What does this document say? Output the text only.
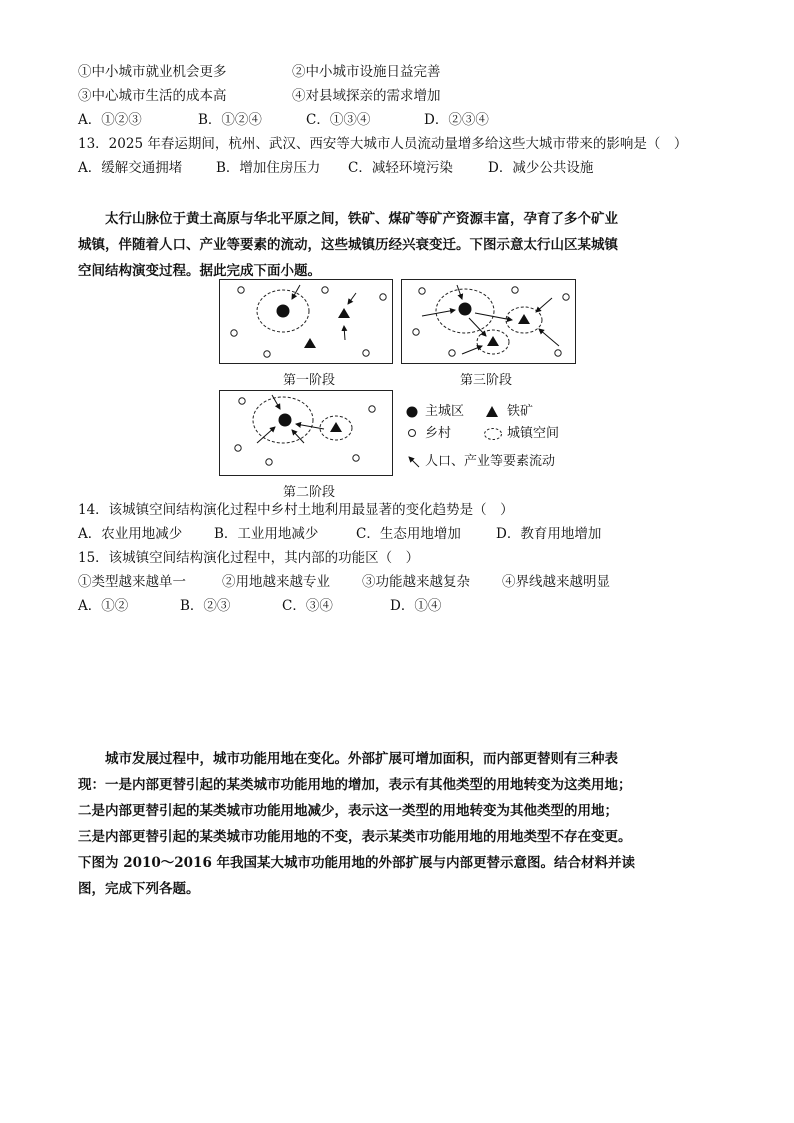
①中小城市就业机会更多	②中小城市设施日益完善
③中心城市生活的成本高	④对县域探亲的需求增加
A．①②③	B．①②④	C．①③④	D．②③④
13．2025 年春运期间，杭州、武汉、西安等大城市人员流动量增多给这些大城市带来的影响是（　）
A．缓解交通拥堵	B．增加住房压力 C．减轻环境污染	D．减少公共设施

太行山脉位于黄土高原与华北平原之间，铁矿、煤矿等矿产资源丰富，孕育了多个矿业

城镇，伴随着人口、产业等要素的流动，这些城镇历经兴衰变迁。下图示意太行山区某城镇

空间结构演变过程。据此完成下面小题。

第一阶段	第三阶段
第二阶段
主城区	铁矿
乡村	城镇空间
人口、产业等要素流动
14．该城镇空间结构演化过程中乡村土地利用最显著的变化趋势是（　）
A．农业用地减少 B．工业用地减少	C．生态用地增加	D．教育用地增加
15．该城镇空间结构演化过程中，其内部的功能区（　）
①类型越来越单一	②用地越来越专业 ③功能越来越复杂 ④界线越来越明显
A．①②	B．②③	C．③④	D．①④

城市发展过程中，城市功能用地在变化。外部扩展可增加面积，而内部更替则有三种表

现：一是内部更替引起的某类城市功能用地的增加，表示有其他类型的用地转变为这类用地；

二是内部更替引起的某类城市功能用地减少，表示这一类型的用地转变为其他类型的用地；

三是内部更替引起的某类城市功能用地的不变，表示某类市功能用地的用地类型不存在变更。

下图为 2010～2016 年我国某大城市功能用地的外部扩展与内部更替示意图。结合材料并读

图，完成下列各题。
